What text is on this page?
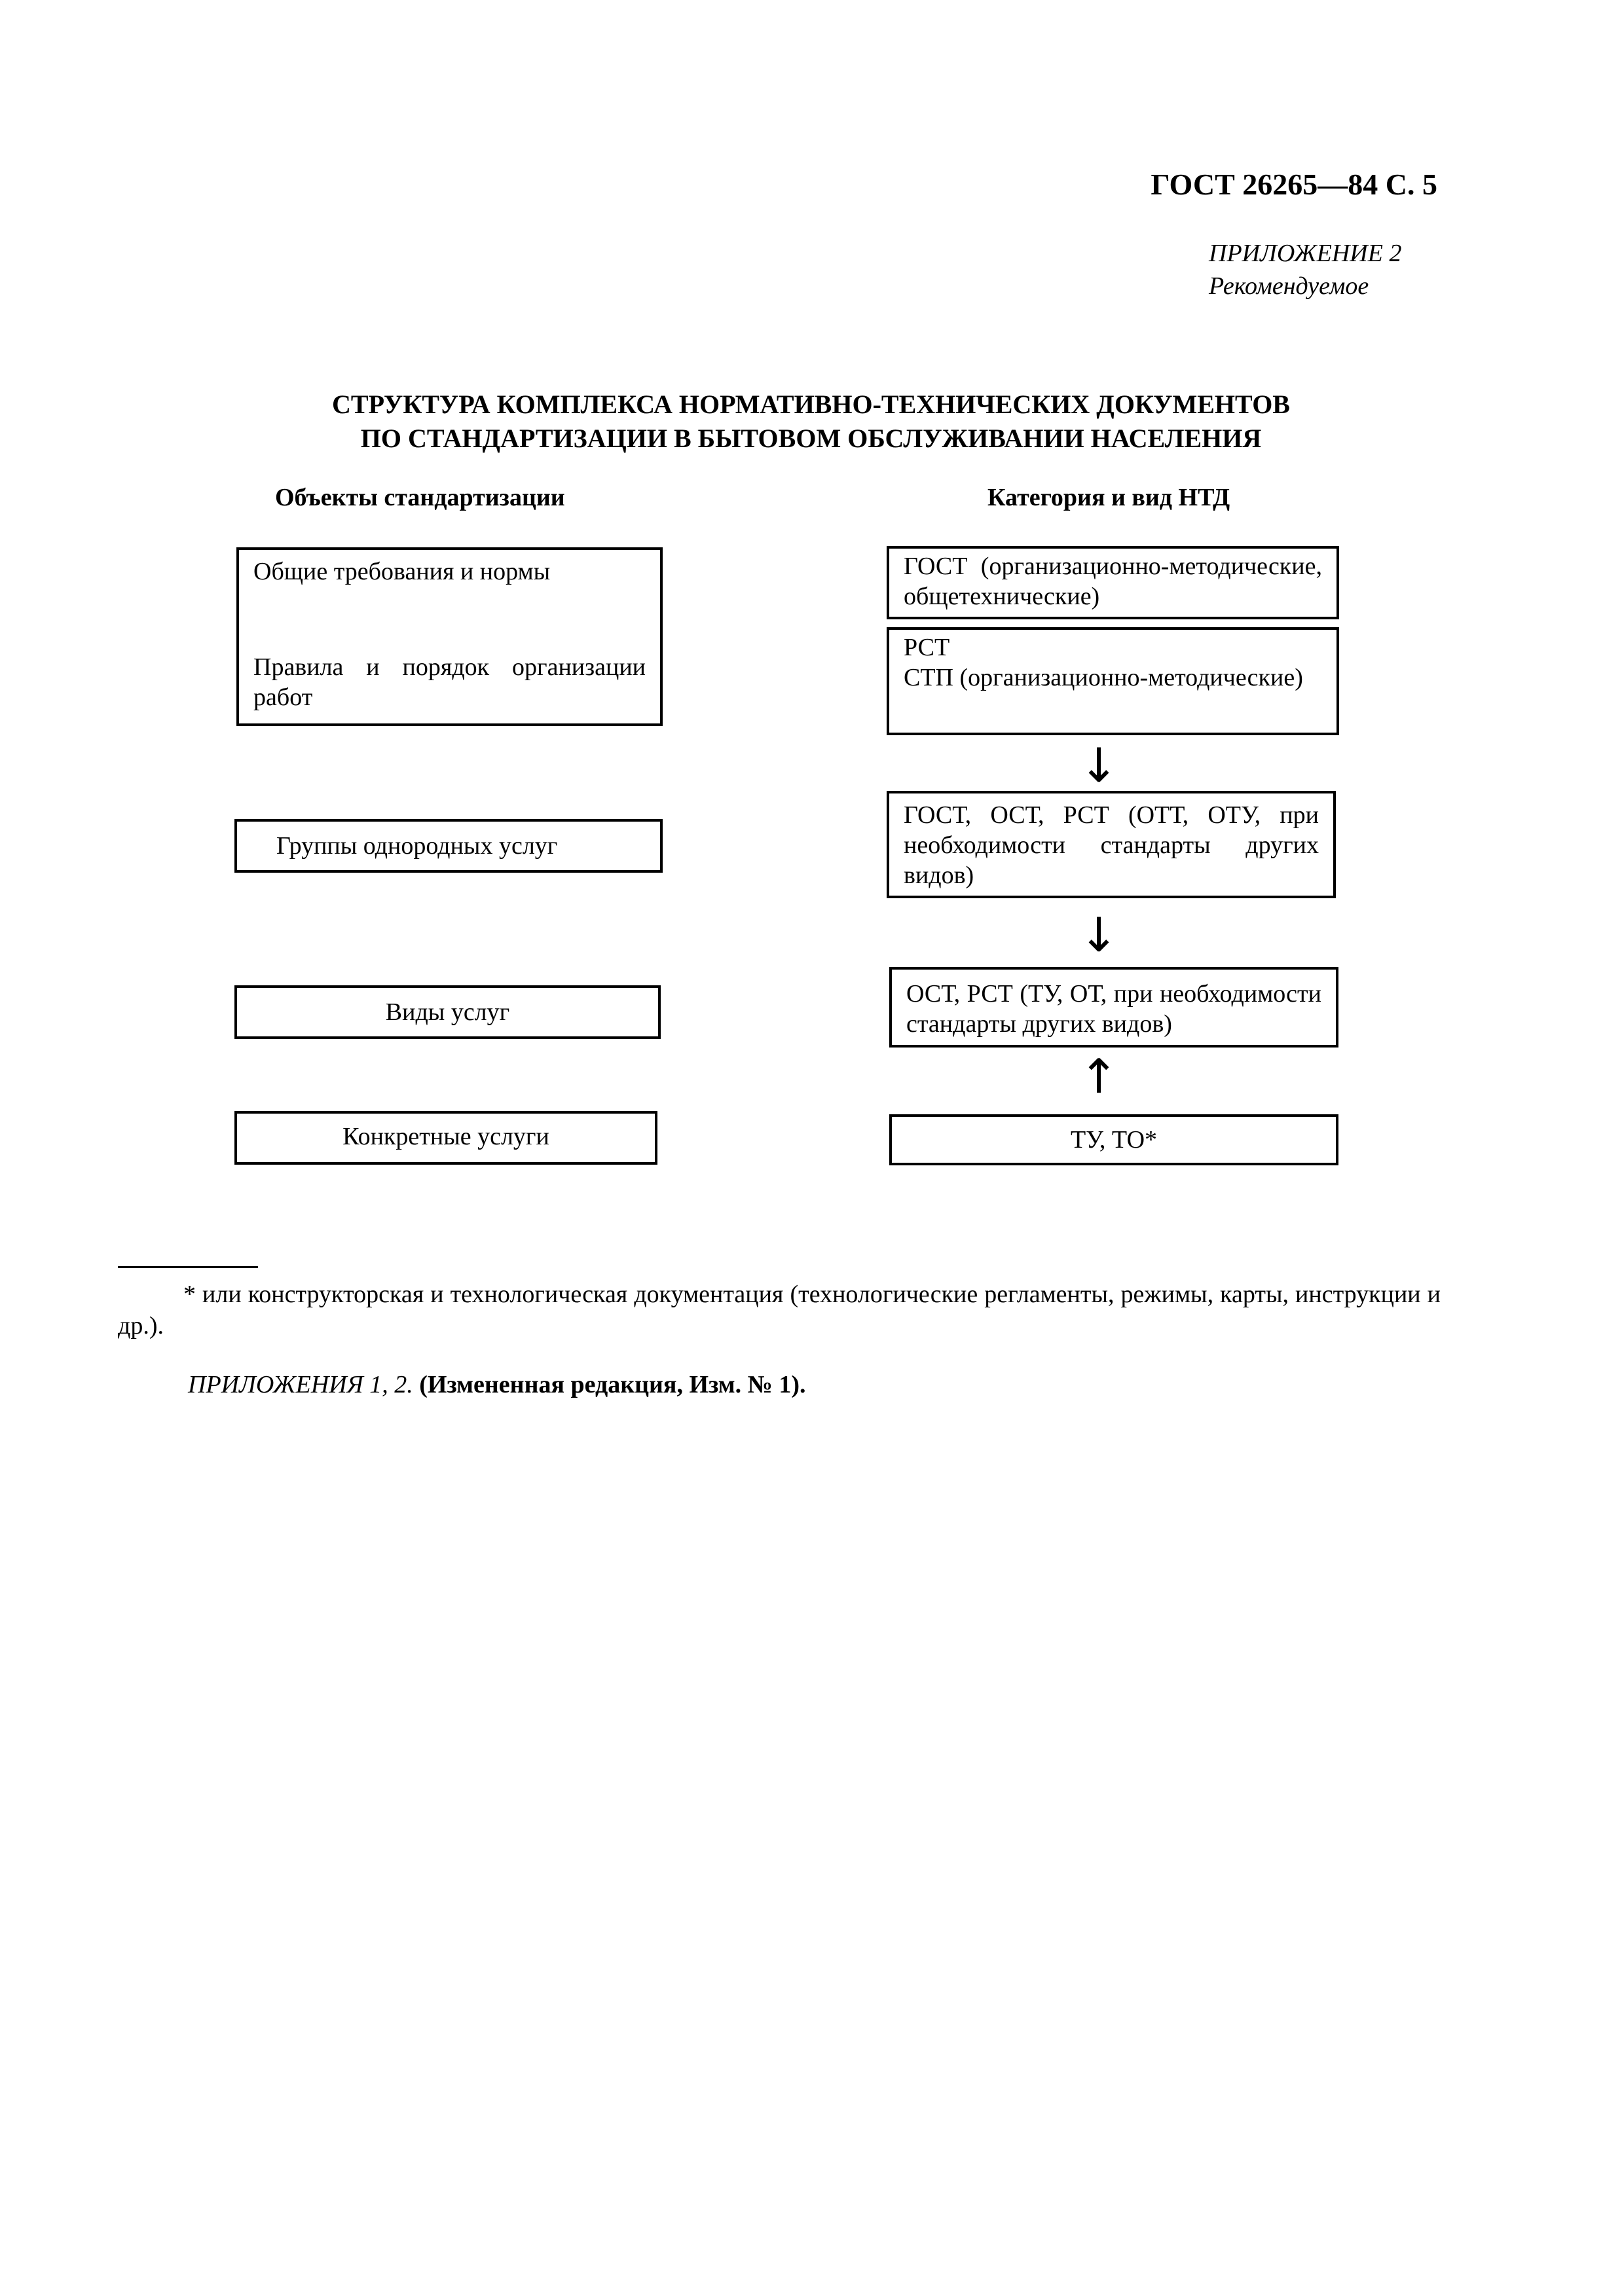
ГОСТ 26265—84 С. 5
ПРИЛОЖЕНИЕ 2
Рекомендуемое
СТРУКТУРА КОМПЛЕКСА НОРМАТИВНО-ТЕХНИЧЕСКИХ ДОКУМЕНТОВ
ПО СТАНДАРТИЗАЦИИ В БЫТОВОМ ОБСЛУЖИВАНИИ НАСЕЛЕНИЯ
Объекты стандартизации	Категория и вид НТД
Общие требования и нормы
Правила и порядок организации работ
Группы однородных услуг
Виды услуг
Конкретные услуги
ГОСТ (организационно-методические, общетехнические)
РСТ
СТП (организационно-методические)
↓
ГОСТ, ОСТ, РСТ (ОТТ, ОТУ, при необходимости стандарты других видов)
↓
ОСТ, РСТ (ТУ, ОТ, при необходимости стандарты других видов)
↑
ТУ, ТО*
* или конструкторская и технологическая документация (технологические регламенты, режимы, карты, инструкции и др.).
ПРИЛОЖЕНИЯ 1, 2. (Измененная редакция, Изм. № 1).
